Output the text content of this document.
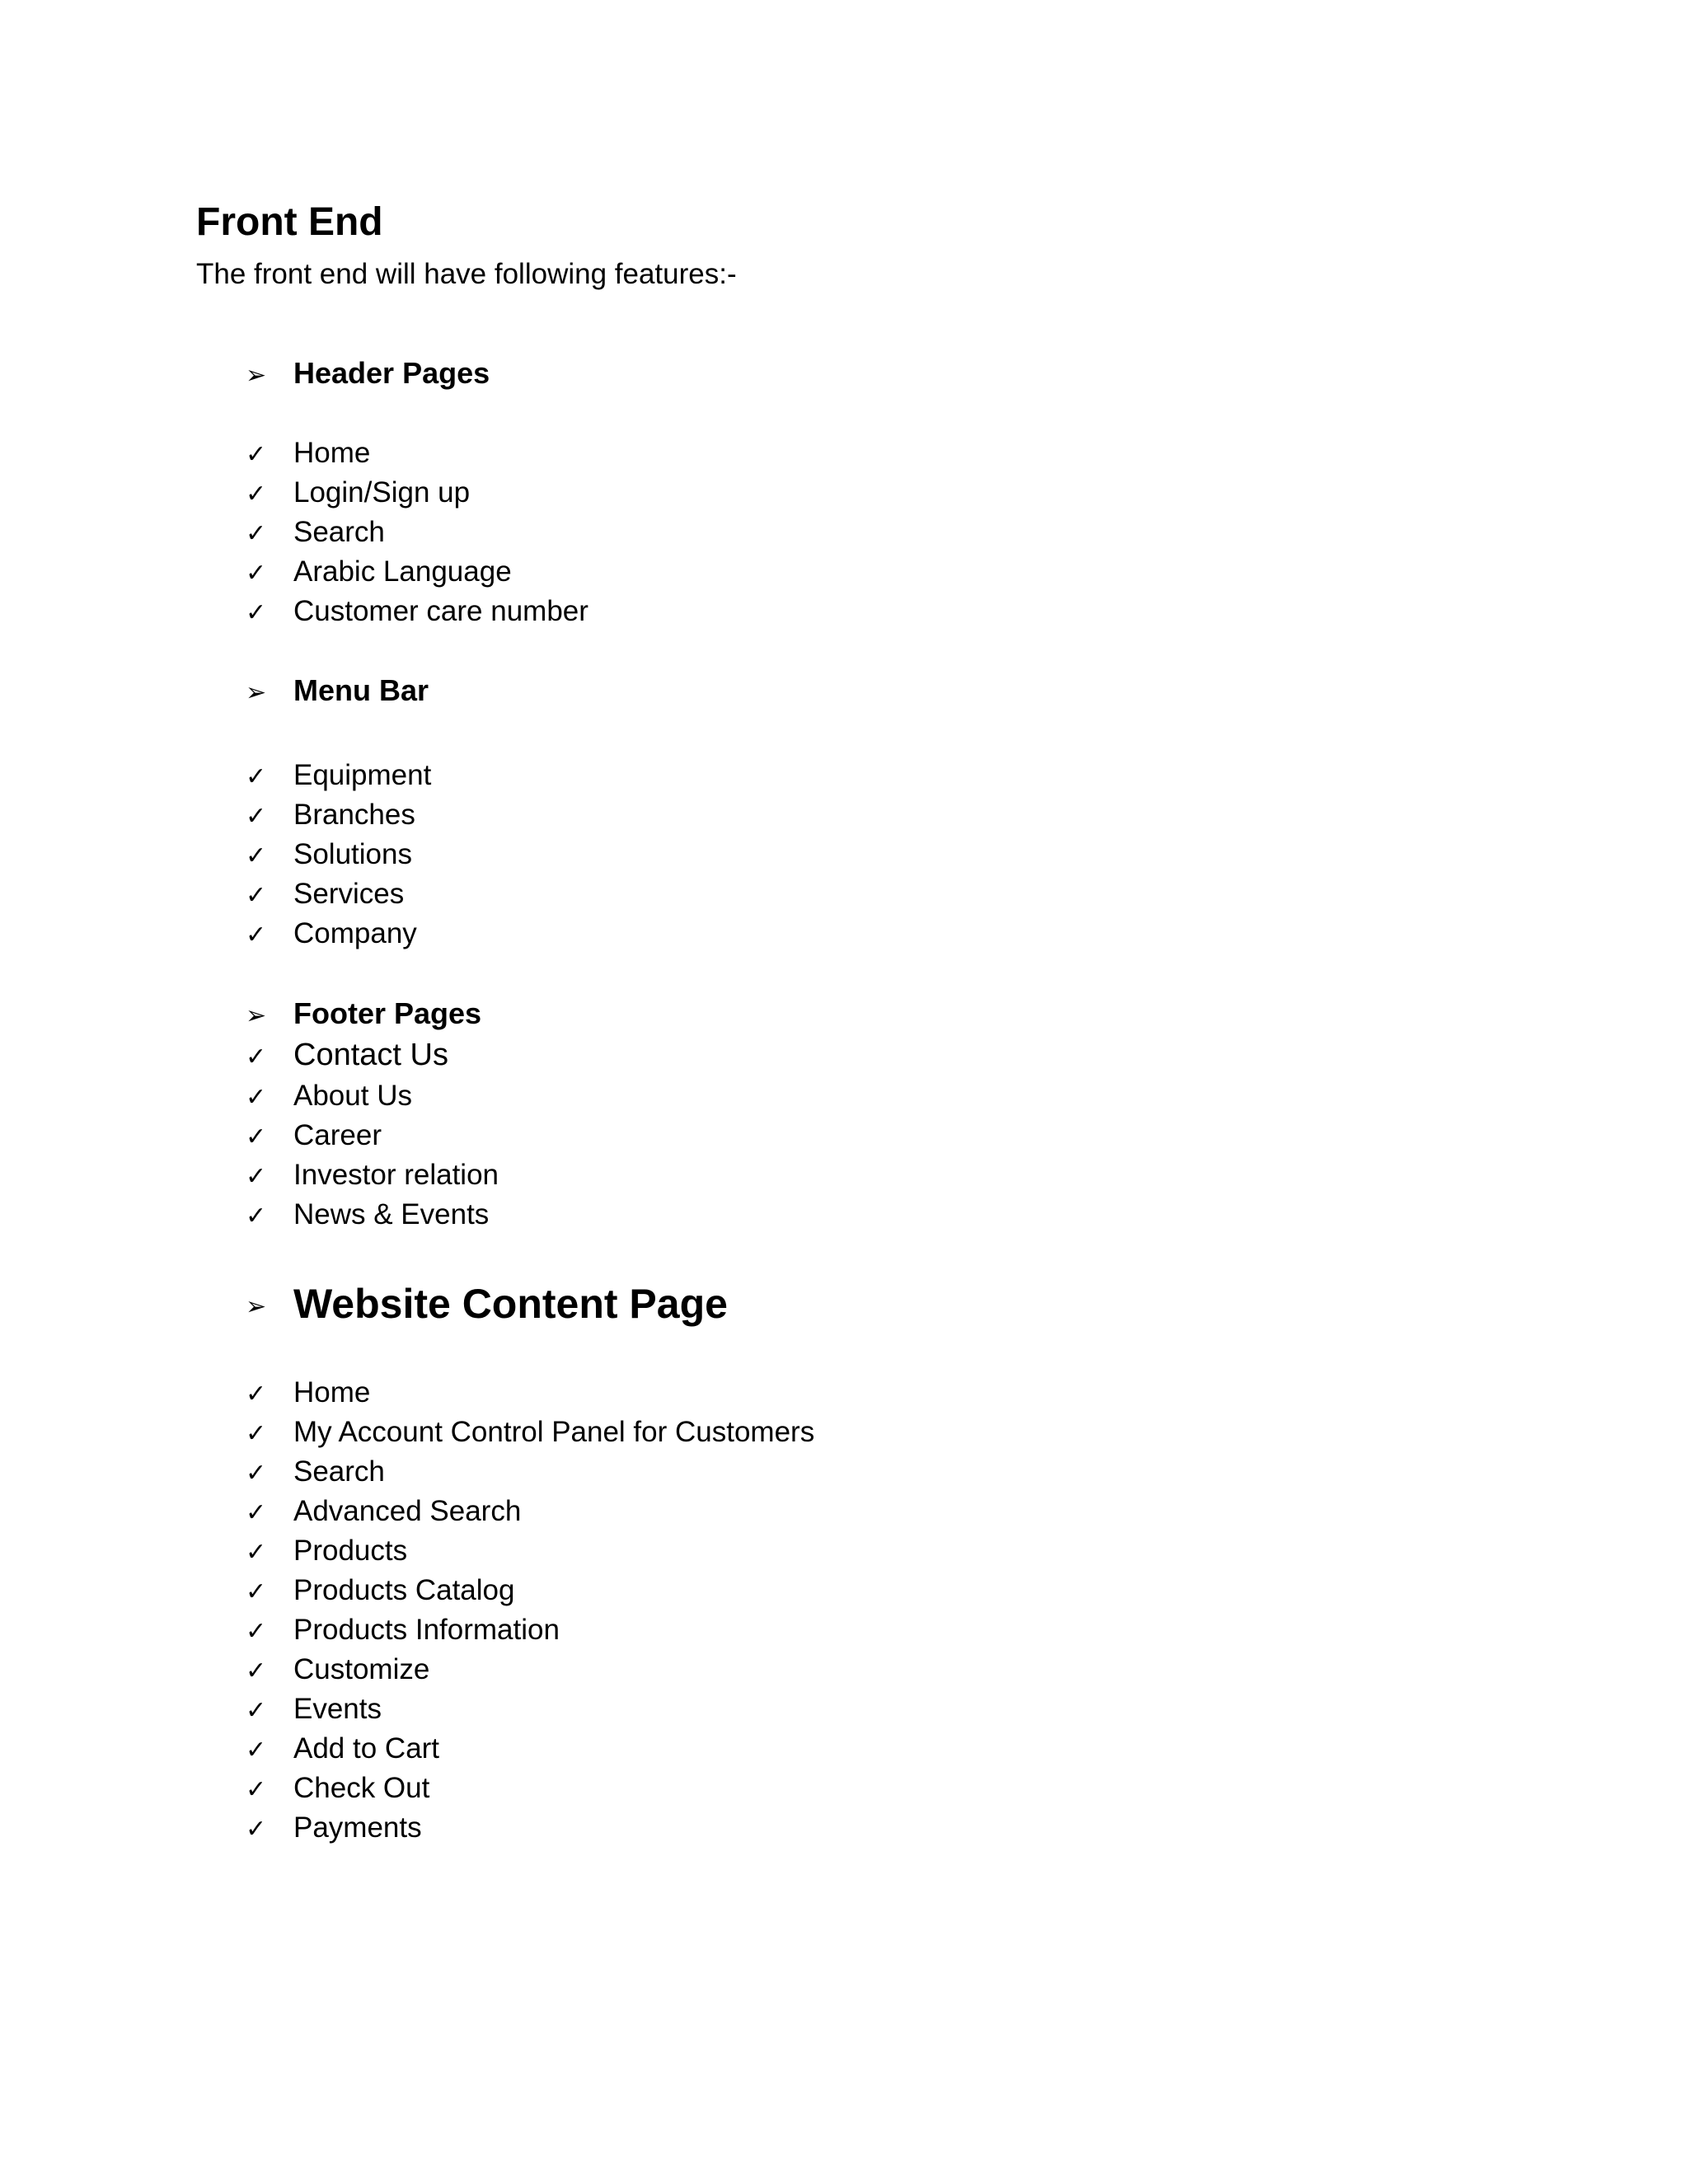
Front End

The front end will have following features:-

➢ Header Pages
✓ Home
✓ Login/Sign up
✓ Search
✓ Arabic Language
✓ Customer care number
➢ Menu Bar
✓ Equipment
✓ Branches
✓ Solutions
✓ Services
✓ Company
➢ Footer Pages
✓ Contact Us
✓ About Us
✓ Career
✓ Investor relation
✓ News & Events
➢ Website Content Page
✓ Home
✓ My Account Control Panel for Customers
✓ Search
✓ Advanced Search
✓ Products
✓ Products Catalog
✓ Products Information
✓ Customize
✓ Events
✓ Add to Cart
✓ Check Out
✓ Payments
